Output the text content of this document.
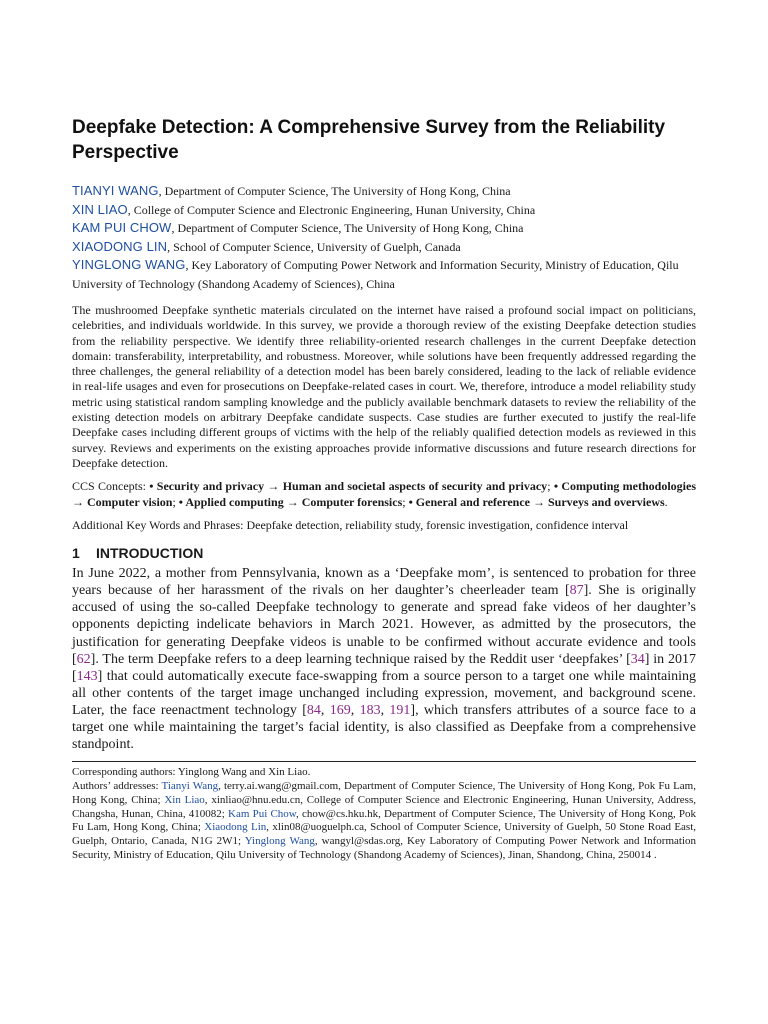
Deepfake Detection: A Comprehensive Survey from the Reliability Perspective
TIANYI WANG, Department of Computer Science, The University of Hong Kong, China
XIN LIAO, College of Computer Science and Electronic Engineering, Hunan University, China
KAM PUI CHOW, Department of Computer Science, The University of Hong Kong, China
XIAODONG LIN, School of Computer Science, University of Guelph, Canada
YINGLONG WANG, Key Laboratory of Computing Power Network and Information Security, Ministry of Education, Qilu University of Technology (Shandong Academy of Sciences), China

The mushroomed Deepfake synthetic materials circulated on the internet have raised a profound social impact on politicians, celebrities, and individuals worldwide. In this survey, we provide a thorough review of the existing Deepfake detection studies from the reliability perspective. We identify three reliability-oriented research challenges in the current Deepfake detection domain: transferability, interpretability, and robustness. Moreover, while solutions have been frequently addressed regarding the three challenges, the general reliability of a detection model has been barely considered, leading to the lack of reliable evidence in real-life usages and even for prosecutions on Deepfake-related cases in court. We, therefore, introduce a model reliability study metric using statistical random sampling knowledge and the publicly available benchmark datasets to review the reliability of the existing detection models on arbitrary Deepfake candidate suspects. Case studies are further executed to justify the real-life Deepfake cases including different groups of victims with the help of the reliably qualified detection models as reviewed in this survey. Reviews and experiments on the existing approaches provide informative discussions and future research directions for Deepfake detection.

CCS Concepts: • Security and privacy → Human and societal aspects of security and privacy; • Computing methodologies → Computer vision; • Applied computing → Computer forensics; • General and reference → Surveys and overviews.

Additional Key Words and Phrases: Deepfake detection, reliability study, forensic investigation, confidence interval

1 INTRODUCTION

In June 2022, a mother from Pennsylvania, known as a ‘Deepfake mom’, is sentenced to probation for three years because of her harassment of the rivals on her daughter’s cheerleader team [87]. She is originally accused of using the so-called Deepfake technology to generate and spread fake videos of her daughter’s opponents depicting indelicate behaviors in March 2021. However, as admitted by the prosecutors, the justification for generating Deepfake videos is unable to be confirmed without accurate evidence and tools [62]. The term Deepfake refers to a deep learning technique raised by the Reddit user ‘deepfakes’ [34] in 2017 [143] that could automatically execute face-swapping from a source person to a target one while maintaining all other contents of the target image unchanged including expression, movement, and background scene. Later, the face reenactment technology [84, 169, 183, 191], which transfers attributes of a source face to a target one while maintaining the target’s facial identity, is also classified as Deepfake from a comprehensive standpoint.

Corresponding authors: Yinglong Wang and Xin Liao.

Authors’ addresses: Tianyi Wang, terry.ai.wang@gmail.com, Department of Computer Science, The University of Hong Kong, Pok Fu Lam, Hong Kong, China; Xin Liao, xinliao@hnu.edu.cn, College of Computer Science and Electronic Engineering, Hunan University, Address, Changsha, Hunan, China, 410082; Kam Pui Chow, chow@cs.hku.hk, Department of Computer Science, The University of Hong Kong, Pok Fu Lam, Hong Kong, China; Xiaodong Lin, xlin08@uoguelph.ca, School of Computer Science, University of Guelph, 50 Stone Road East, Guelph, Ontario, Canada, N1G 2W1; Yinglong Wang, wangyl@sdas.org, Key Laboratory of Computing Power Network and Information Security, Ministry of Education, Qilu University of Technology (Shandong Academy of Sciences), Jinan, Shandong, China, 250014 .
